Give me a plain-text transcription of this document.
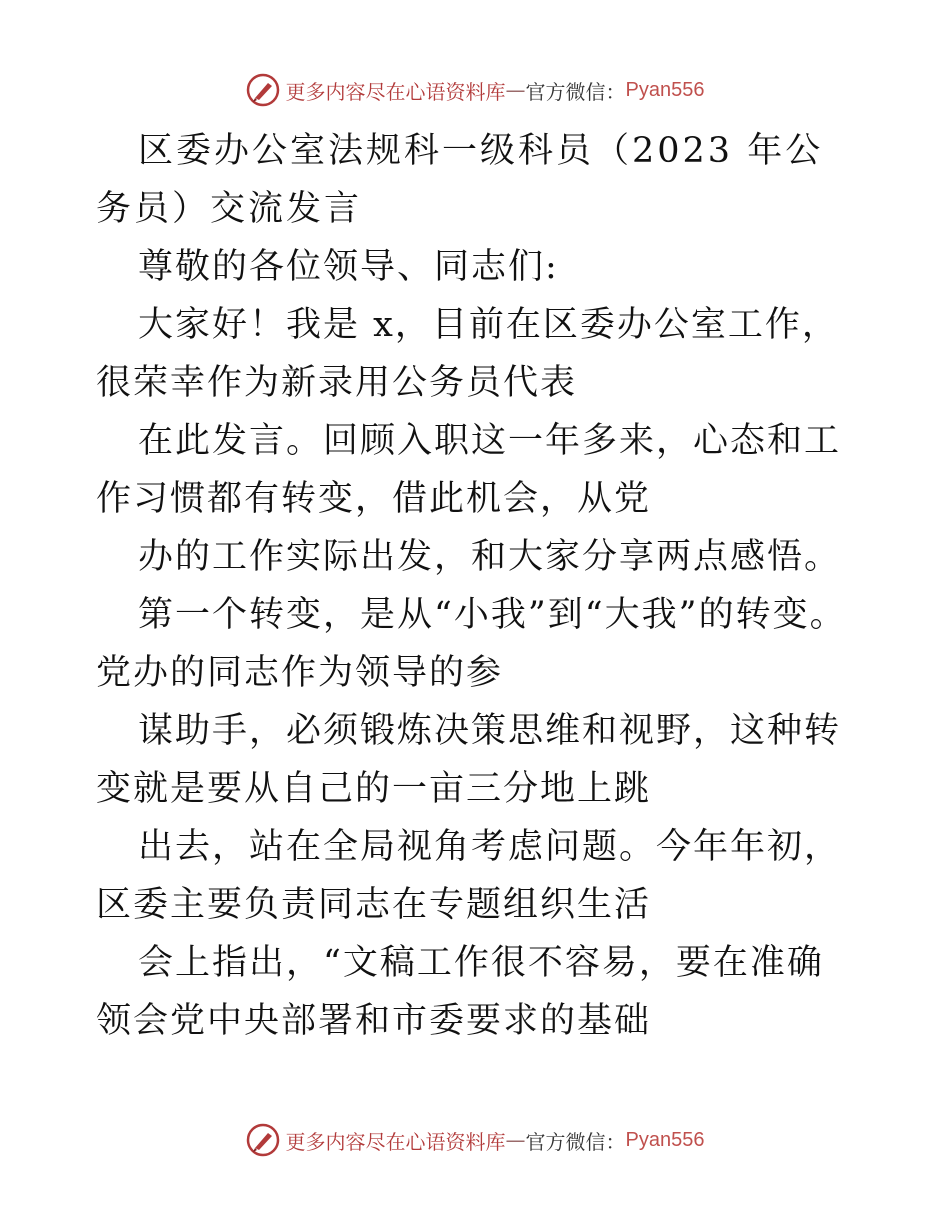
更多内容尽在心语资料库 — 官方微信： Pyan556

区委办公室法规科一级科员（2023 年公务员）交流发言

尊敬的各位领导、同志们:

大家好！我是 x，目前在区委办公室工作，很荣幸作为新录用公务员代表

在此发言。回顾入职这一年多来，心态和工作习惯都有转变，借此机会，从党

办的工作实际出发，和大家分享两点感悟。

第一个转变，是从“小我”到“大我”的转变。党办的同志作为领导的参

谋助手，必须锻炼决策思维和视野，这种转变就是要从自己的一亩三分地上跳

出去，站在全局视角考虑问题。今年年初，区委主要负责同志在专题组织生活

会上指出，“文稿工作很不容易，要在准确领会党中央部署和市委要求的基础

更多内容尽在心语资料库 — 官方微信： Pyan556
